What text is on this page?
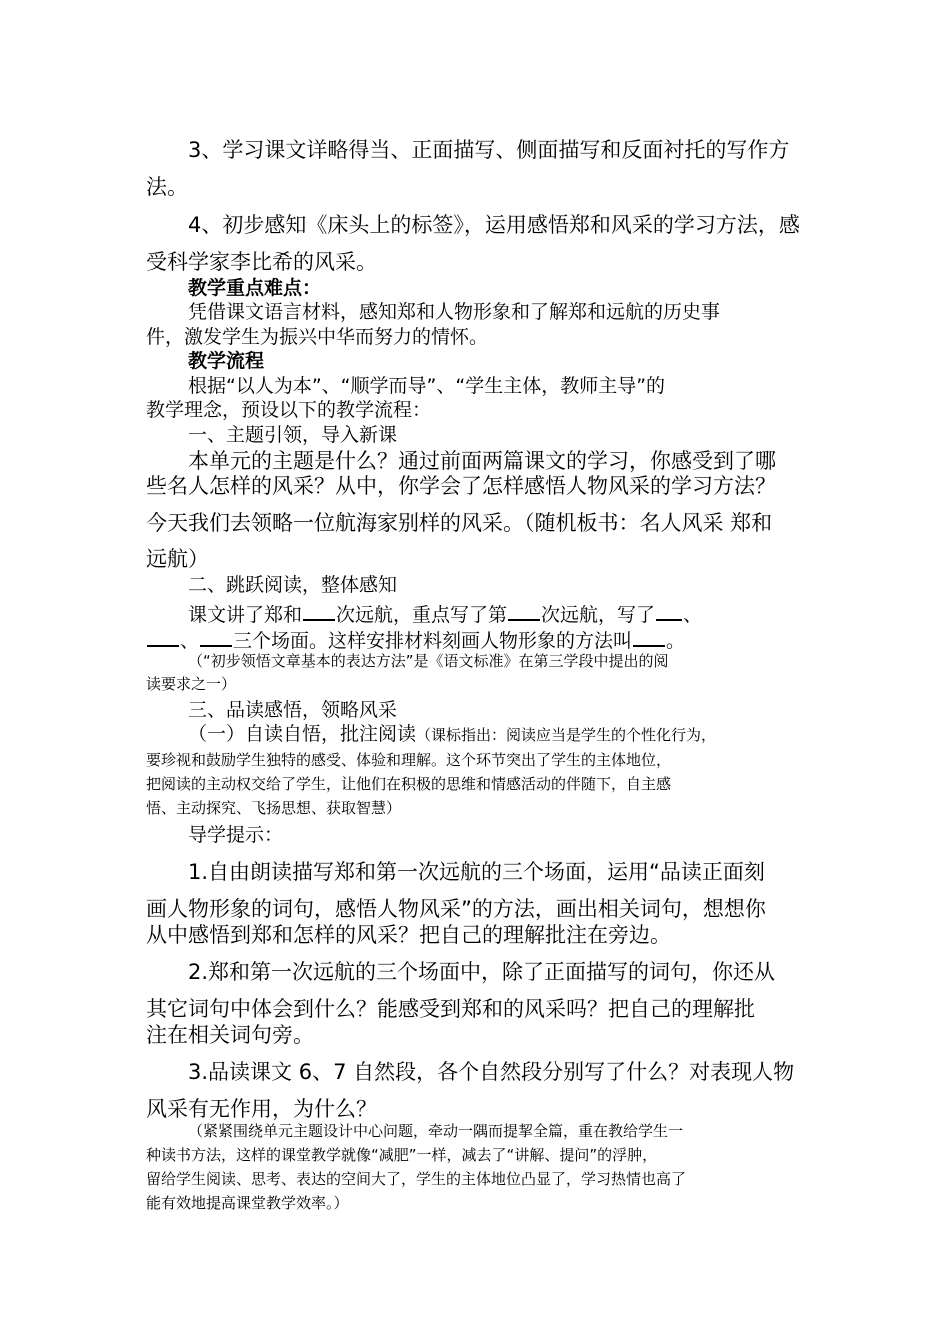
3、学习课文详略得当、正面描写、侧面描写和反面衬托的写作方
法。
4、初步感知《床头上的标签》，运用感悟郑和风采的学习方法，感
受科学家李比希的风采。
教学重点难点：
凭借课文语言材料，感知郑和人物形象和了解郑和远航的历史事
件，激发学生为振兴中华而努力的情怀。
教学流程
根据“以人为本”、“顺学而导”、“学生主体，教师主导”的
教学理念，预设以下的教学流程：
一、主题引领，导入新课
本单元的主题是什么？通过前面两篇课文的学习，你感受到了哪
些名人怎样的风采？从中，你学会了怎样感悟人物风采的学习方法？
今天我们去领略一位航海家别样的风采。（随机板书：名人风采 郑和
远航）
二、跳跃阅读，整体感知
课文讲了郑和 次远航，重点写了第 次远航，写了 、
、 三个场面。这样安排材料刻画人物形象的方法叫 。
（“初步领悟文章基本的表达方法”是《语文标准》在第三学段中提出的阅
读要求之一）
三、品读感悟，领略风采
（一）自读自悟，批注阅读（课标指出：阅读应当是学生的个性化行为，
要珍视和鼓励学生独特的感受、体验和理解。这个环节突出了学生的主体地位，
把阅读的主动权交给了学生，让他们在积极的思维和情感活动的伴随下，自主感
悟、主动探究、飞扬思想、获取智慧）
导学提示：
1.自由朗读描写郑和第一次远航的三个场面，运用“品读正面刻
画人物形象的词句，感悟人物风采”的方法，画出相关词句，想想你
从中感悟到郑和怎样的风采？把自己的理解批注在旁边。
2.郑和第一次远航的三个场面中，除了正面描写的词句，你还从
其它词句中体会到什么？能感受到郑和的风采吗？把自己的理解批
注在相关词句旁。
3.品读课文 6、7 自然段，各个自然段分别写了什么？对表现人物
风采有无作用，为什么？
（紧紧围绕单元主题设计中心问题，牵动一隅而提挈全篇，重在教给学生一
种读书方法，这样的课堂教学就像“减肥”一样，减去了“讲解、提问”的浮肿，
留给学生阅读、思考、表达的空间大了，学生的主体地位凸显了，学习热情也高了
能有效地提高课堂教学效率。）
